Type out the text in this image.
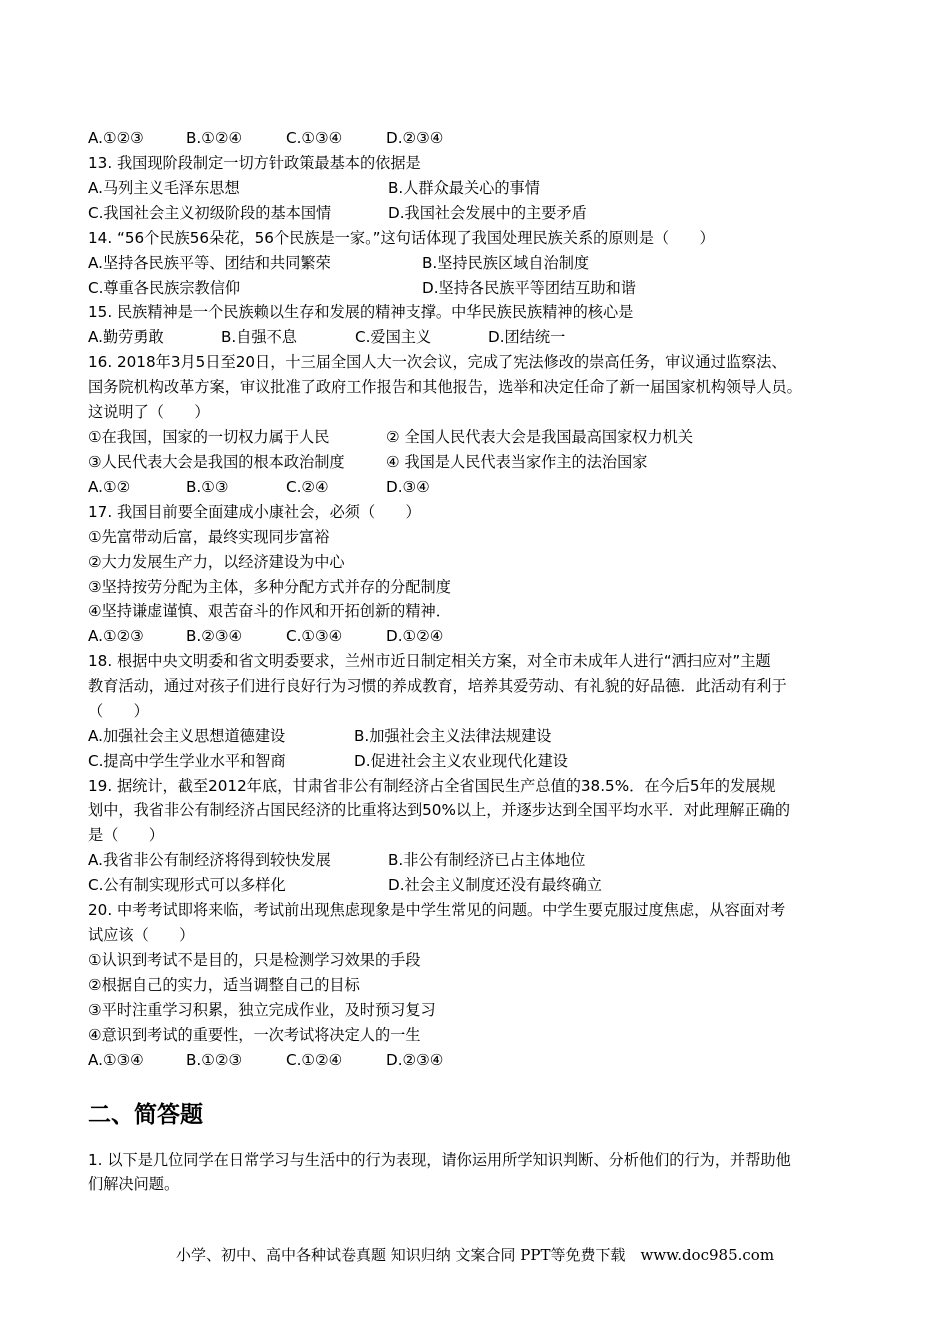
A.①②③	B.①②④	C.①③④	D.②③④
13. 我国现阶段制定一切方针政策最基本的依据是
A.马列主义毛泽东思想	B.人群众最关心的事情
C.我国社会主义初级阶段的基本国情	D.我国社会发展中的主要矛盾
14. “56个民族56朵花，56个民族是一家。”这句话体现了我国处理民族关系的原则是（　　）
A.坚持各民族平等、团结和共同繁荣	B.坚持民族区域自治制度
C.尊重各民族宗教信仰	D.坚持各民族平等团结互助和谐
15. 民族精神是一个民族赖以生存和发展的精神支撑。中华民族民族精神的核心是
A.勤劳勇敢	B.自强不息	C.爱国主义	D.团结统一
16. 2018年3月5日至20日，十三届全国人大一次会议，完成了宪法修改的崇高任务，审议通过监察法、
国务院机构改革方案，审议批准了政府工作报告和其他报告，选举和决定任命了新一届国家机构领导人员。
这说明了（　　）
①在我国，国家的一切权力属于人民	② 全国人民代表大会是我国最高国家权力机关
③人民代表大会是我国的根本政治制度	④ 我国是人民代表当家作主的法治国家
A.①②	B.①③	C.②④	D.③④
17. 我国目前要全面建成小康社会，必须（　　）
①先富带动后富，最终实现同步富裕
②大力发展生产力，以经济建设为中心
③坚持按劳分配为主体，多种分配方式并存的分配制度
④坚持谦虚谨慎、艰苦奋斗的作风和开拓创新的精神．
A.①②③	B.②③④	C.①③④	D.①②④
18. 根据中央文明委和省文明委要求，兰州市近日制定相关方案，对全市未成年人进行“洒扫应对”主题
教育活动，通过对孩子们进行良好行为习惯的养成教育，培养其爱劳动、有礼貌的好品德．此活动有利于
（　　）
A.加强社会主义思想道德建设	B.加强社会主义法律法规建设
C.提高中学生学业水平和智商	D.促进社会主义农业现代化建设
19. 据统计，截至2012年底，甘肃省非公有制经济占全省国民生产总值的38.5%．在今后5年的发展规
划中，我省非公有制经济占国民经济的比重将达到50%以上，并逐步达到全国平均水平．对此理解正确的
是（　　）
A.我省非公有制经济将得到较快发展	B.非公有制经济已占主体地位
C.公有制实现形式可以多样化	D.社会主义制度还没有最终确立
20. 中考考试即将来临，考试前出现焦虑现象是中学生常见的问题。中学生要克服过度焦虑，从容面对考
试应该（　　）
①认识到考试不是目的，只是检测学习效果的手段
②根据自己的实力，适当调整自己的目标
③平时注重学习积累，独立完成作业，及时预习复习
④意识到考试的重要性，一次考试将决定人的一生
A.①③④	B.①②③	C.①②④	D.②③④
二、简答题
1. 以下是几位同学在日常学习与生活中的行为表现，请你运用所学知识判断、分析他们的行为，并帮助他
们解决问题。
小学、初中、高中各种试卷真题 知识归纳 文案合同 PPT等免费下载　www.doc985.com
